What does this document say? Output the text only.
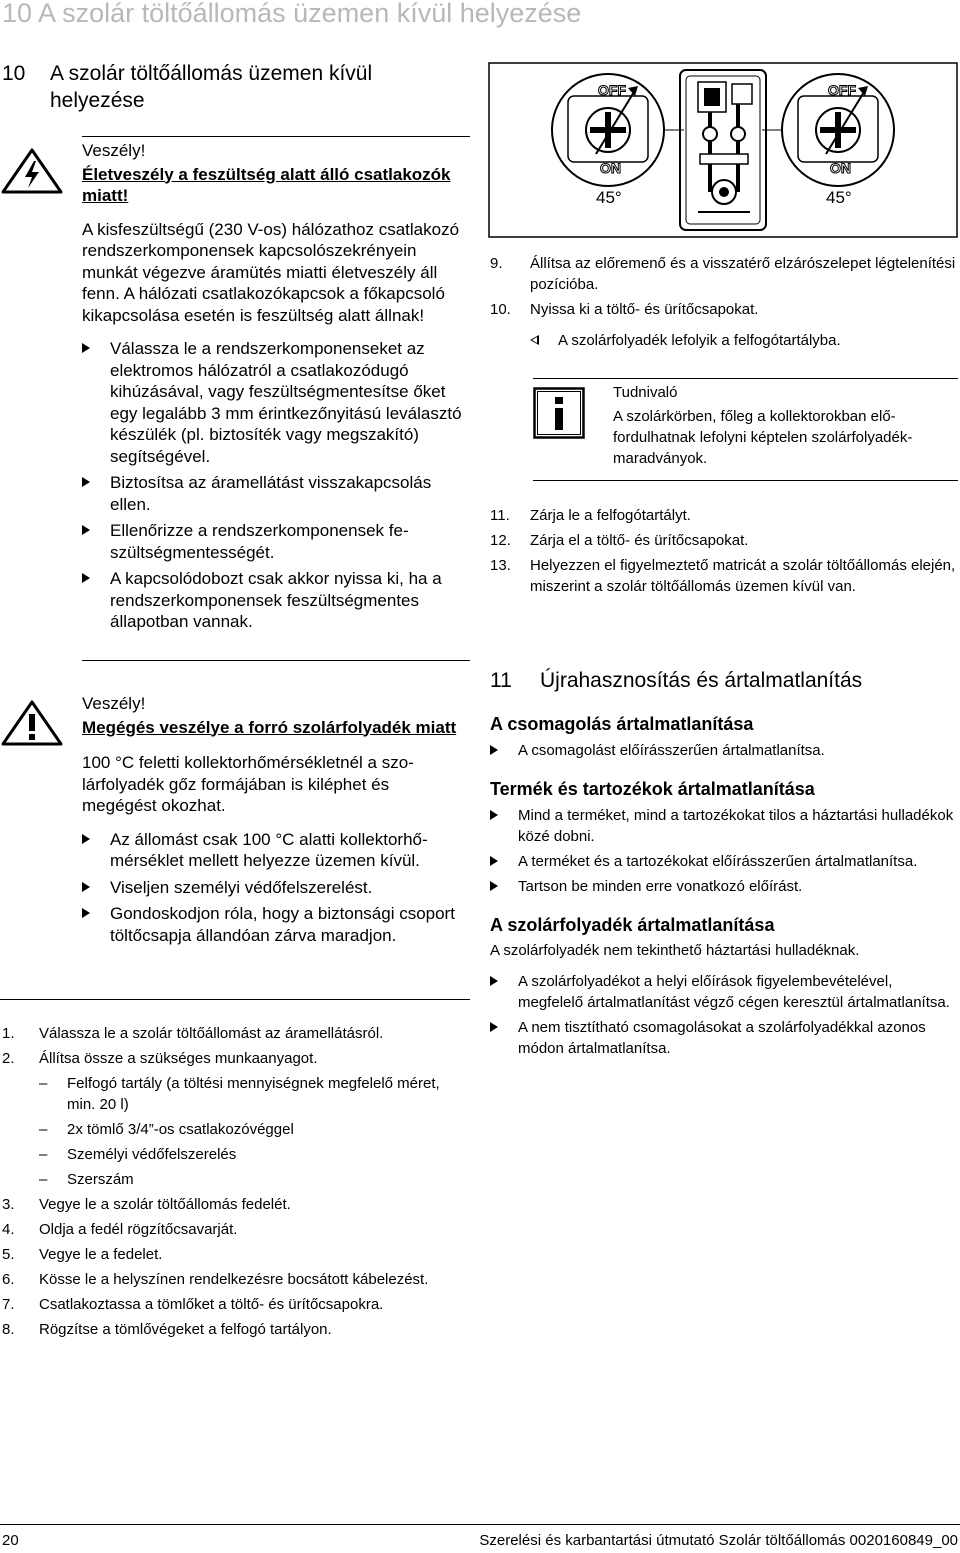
10 A szolár töltőállomás üzemen kívül helyezése
10 A szolár töltőállomás üzemen kívül helyezése
Veszély!
Életveszély a feszültség alatt álló csatlakozók miatt!
A kisfeszültségű (230 V-os) hálózathoz csatlakozó rendszerkomponensek kapcsolószekrényein munkát végezve áramütés miatti életveszély áll fenn. A hálózati csatlakozókapcsok a főkapcsoló kikapcsolása esetén is feszültség alatt állnak!
Válassza le a rendszerkomponenseket az elektromos hálózatról a csatlakozódugó kihúzásával, vagy feszültségmentesítse őket egy legalább 3 mm érintkezőnyitású leválasztó készülék (pl. biztosíték vagy megszakító) segítségével.
Biztosítsa az áramellátást visszakapcsolás ellen.
Ellenőrizze a rendszerkomponensek feszültségmentességét.
A kapcsolódobozt csak akkor nyissa ki, ha a rendszerkomponensek feszültségmentes állapotban vannak.
Veszély!
Megégés veszélye a forró szolárfolyadék miatt
100 °C feletti kollektorhőmérsékletnél a szolárfolyadék gőz formájában is kiléphet és megégést okozhat.
Az állomást csak 100 °C alatti kollektorhőmérséklet mellett helyezze üzemen kívül.
Viseljen személyi védőfelszerelést.
Gondoskodjon róla, hogy a biztonsági csoport töltőcsapja állandóan zárva maradjon.
1. Válassza le a szolár töltőállomást az áramellátásról.
2. Állítsa össze a szükséges munkaanyagot.
– Felfogó tartály (a töltési mennyiségnek megfelelő méret, min. 20 l)
– 2x tömlő 3/4”-os csatlakozóvéggel
– Személyi védőfelszerelés
– Szerszám
3. Vegye le a szolár töltőállomás fedelét.
4. Oldja a fedél rögzítőcsavarját.
5. Vegye le a fedelet.
6. Kösse le a helyszínen rendelkezésre bocsátott kábelezést.
7. Csatlakoztassa a tömlőket a töltő- és ürítőcsapokra.
8. Rögzítse a tömlővégeket a felfogó tartályon.
OFF
ON
45°
OFF
ON
45°
9. Állítsa az előremenő és a visszatérő elzárószelepet légtelenítési pozícióba.
10. Nyissa ki a töltő- és ürítőcsapokat.
A szolárfolyadék lefolyik a felfogótartályba.
Tudnivaló
A szolárkörben, főleg a kollektorokban előfordulhatnak lefolyni képtelen szolárfolyadékmaradványok.
11. Zárja le a felfogótartályt.
12. Zárja el a töltő- és ürítőcsapokat.
13. Helyezzen el figyelmeztető matricát a szolár töltőállomás elején, miszerint a szolár töltőállomás üzemen kívül van.
11 Újrahasznosítás és ártalmatlanítás
A csomagolás ártalmatlanítása
A csomagolást előírásszerűen ártalmatlanítsa.
Termék és tartozékok ártalmatlanítása
Mind a terméket, mind a tartozékokat tilos a háztartási hulladékok közé dobni.
A terméket és a tartozékokat előírásszerűen ártalmatlanítsa.
Tartson be minden erre vonatkozó előírást.
A szolárfolyadék ártalmatlanítása
A szolárfolyadék nem tekinthető háztartási hulladéknak.
A szolárfolyadékot a helyi előírások figyelembevételével, megfelelő ártalmatlanítást végző cégen keresztül ártalmatlanítsa.
A nem tisztítható csomagolásokat a szolárfolyadékkal azonos módon ártalmatlanítsa.
20	Szerelési és karbantartási útmutató Szolár töltőállomás 0020160849_00
